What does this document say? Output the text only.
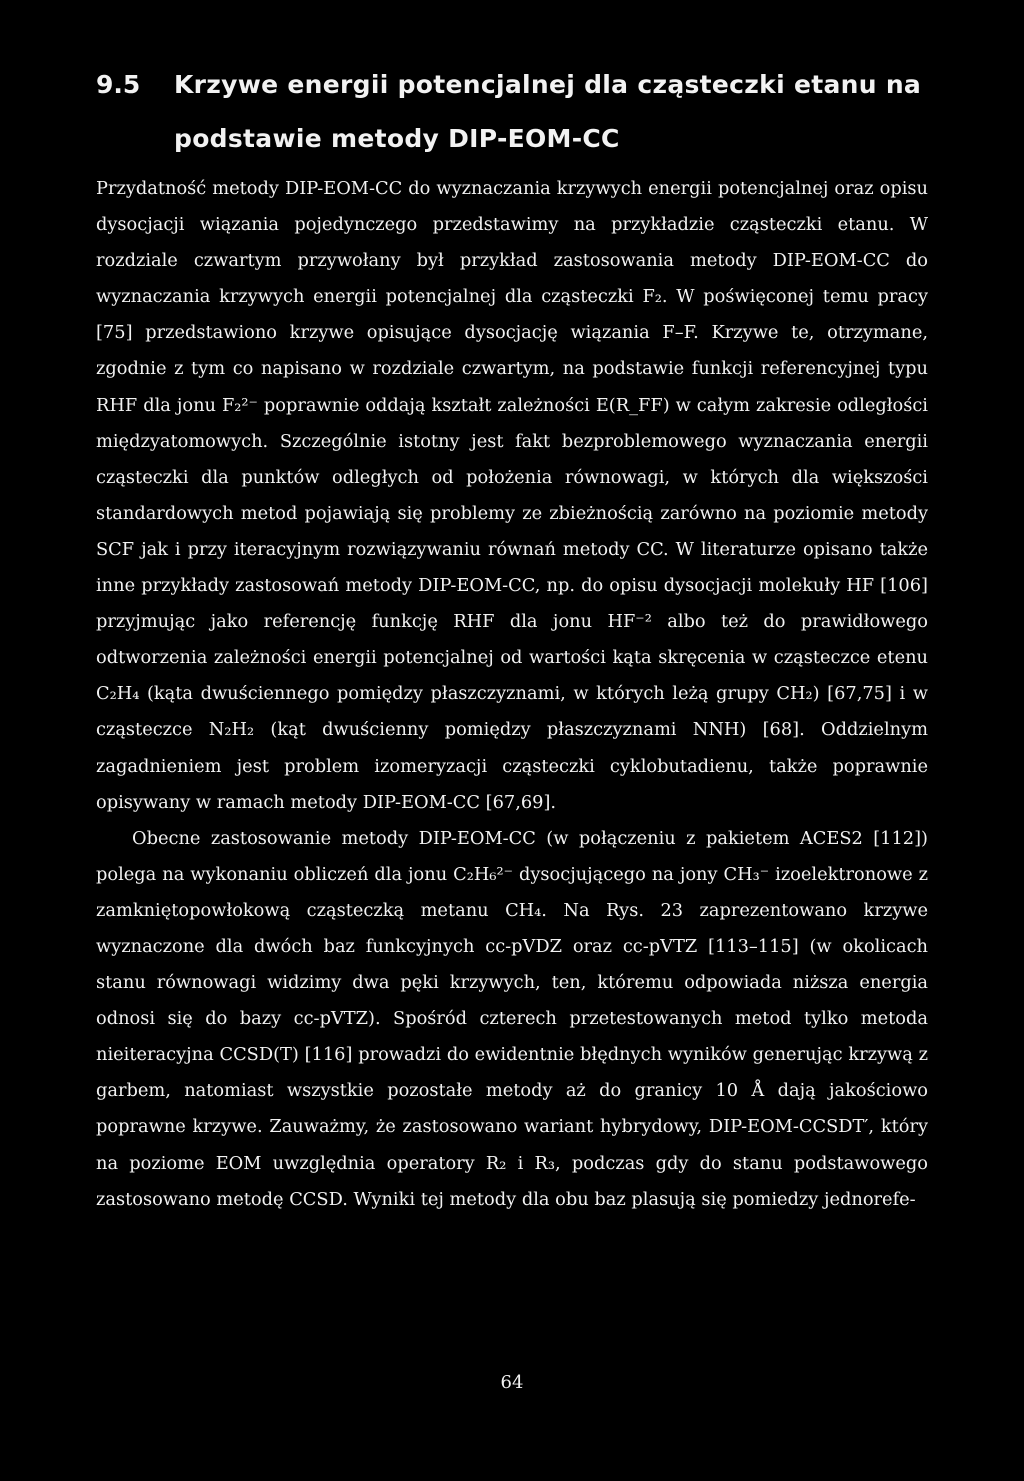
9.5	Krzywe energii potencjalnej dla cząsteczki etanu na podstawie metody DIP-EOM-CC

Przydatność metody DIP-EOM-CC do wyznaczania krzywych energii potencjalnej oraz opisu dysocjacji wiązania pojedynczego przedstawimy na przykładzie cząsteczki etanu. W rozdziale czwartym przywołany był przykład zastosowania metody DIP-EOM-CC do wyznaczania krzywych energii potencjalnej dla cząsteczki F₂. W poświęconej temu pracy [75] przedstawiono krzywe opisujące dysocjację wiązania F–F. Krzywe te, otrzymane, zgodnie z tym co napisano w rozdziale czwartym, na podstawie funkcji referencyjnej typu RHF dla jonu F₂²⁻ poprawnie oddają kształt zależności E(R_FF) w całym zakresie odległości międzyatomowych. Szczególnie istotny jest fakt bezproblemowego wyznaczania energii cząsteczki dla punktów odległych od położenia równowagi, w których dla większości standardowych metod pojawiają się problemy ze zbieżnością zarówno na poziomie metody SCF jak i przy iteracyjnym rozwiązywaniu równań metody CC. W literaturze opisano także inne przykłady zastosowań metody DIP-EOM-CC, np. do opisu dysocjacji molekuły HF [106] przyjmując jako referencję funkcję RHF dla jonu HF⁻² albo też do prawidłowego odtworzenia zależności energii potencjalnej od wartości kąta skręcenia w cząsteczce etenu C₂H₄ (kąta dwuściennego pomiędzy płaszczyznami, w których leżą grupy CH₂) [67,75] i w cząsteczce N₂H₂ (kąt dwuścienny pomiędzy płaszczyznami NNH) [68]. Oddzielnym zagadnieniem jest problem izomeryzacji cząsteczki cyklobutadienu, także poprawnie opisywany w ramach metody DIP-EOM-CC [67,69].

Obecne zastosowanie metody DIP-EOM-CC (w połączeniu z pakietem ACES2 [112]) polega na wykonaniu obliczeń dla jonu C₂H₆²⁻ dysocjującego na jony CH₃⁻ izoelektronowe z zamkniętopowłokową cząsteczką metanu CH₄. Na Rys. 23 zaprezentowano krzywe wyznaczone dla dwóch baz funkcyjnych cc-pVDZ oraz cc-pVTZ [113–115] (w okolicach stanu równowagi widzimy dwa pęki krzywych, ten, któremu odpowiada niższa energia odnosi się do bazy cc-pVTZ). Spośród czterech przetestowanych metod tylko metoda nieiteracyjna CCSD(T) [116] prowadzi do ewidentnie błędnych wyników generując krzywą z garbem, natomiast wszystkie pozostałe metody aż do granicy 10 Å dają jakościowo poprawne krzywe. Zauważmy, że zastosowano wariant hybrydowy, DIP-EOM-CCSDT′, który na poziome EOM uwzględnia operatory R₂ i R₃, podczas gdy do stanu podstawowego zastosowano metodę CCSD. Wyniki tej metody dla obu baz plasują się pomiedzy jednorefe-

64
